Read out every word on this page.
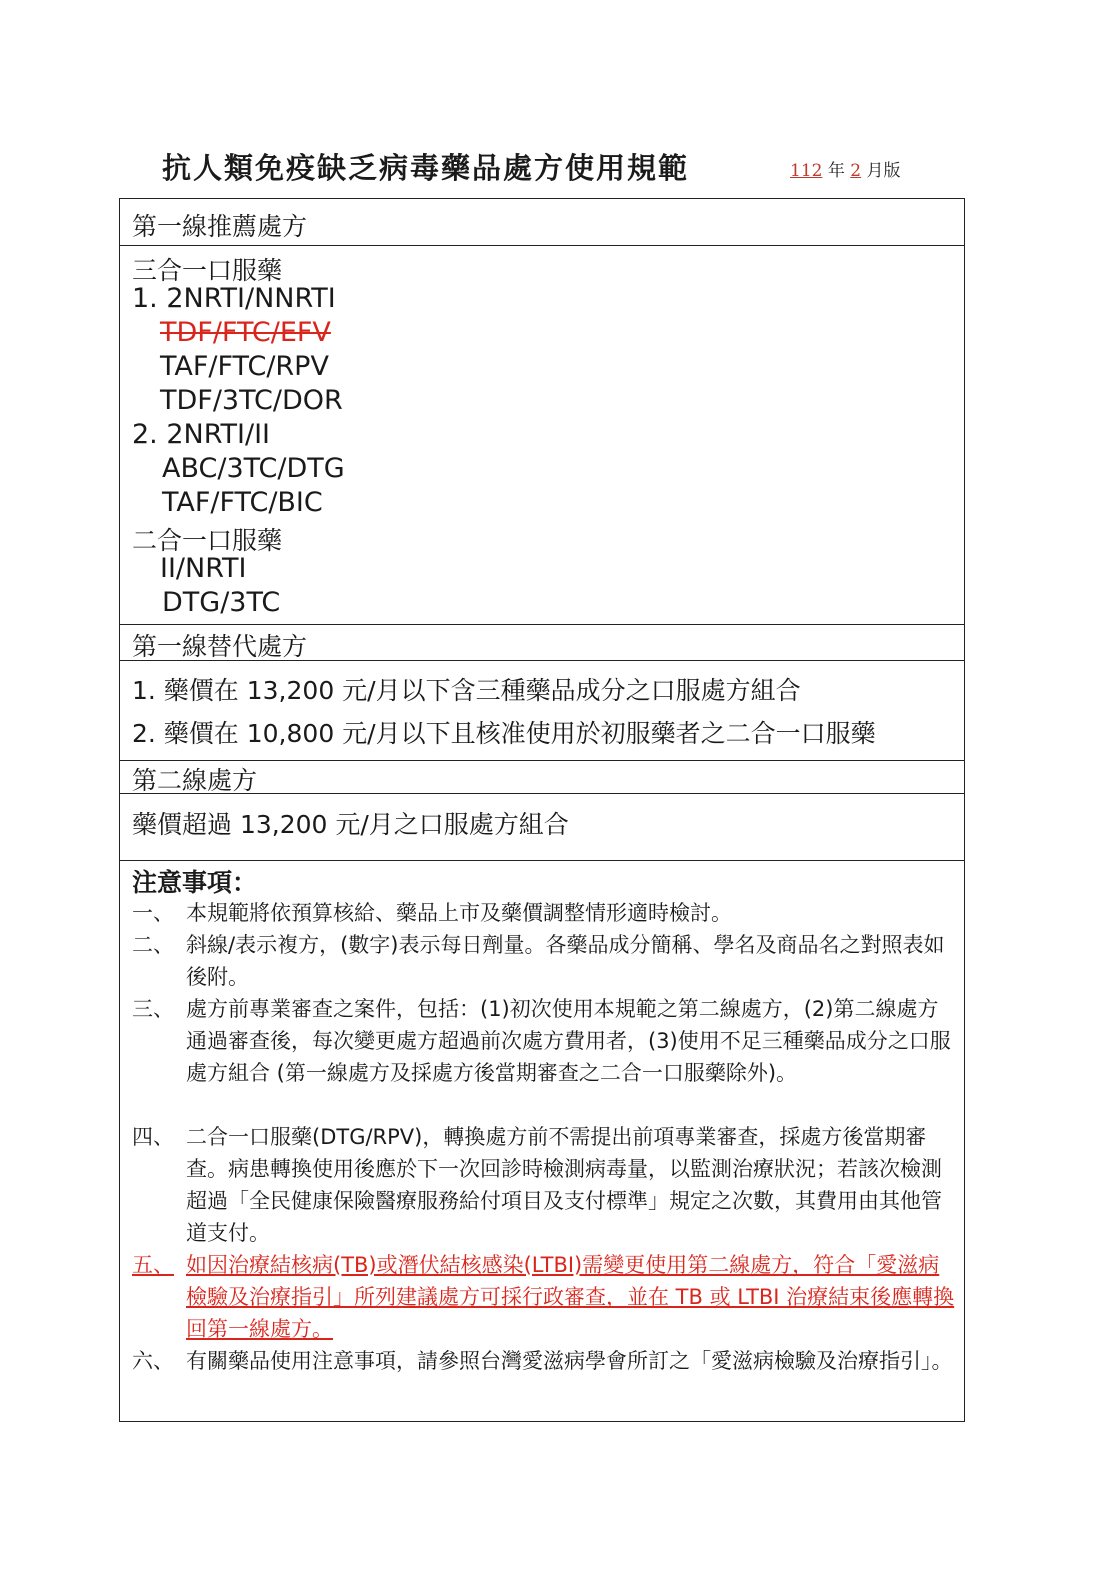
抗人類免疫缺乏病毒藥品處方使用規範	112 年 2 月版
第一線推薦處方
三合一口服藥
1. 2NRTI/NNRTI
TDF/FTC/EFV
TAF/FTC/RPV
TDF/3TC/DOR
2. 2NRTI/II
ABC/3TC/DTG
TAF/FTC/BIC
二合一口服藥
II/NRTI
DTG/3TC
第一線替代處方
1. 藥價在 13,200 元/月以下含三種藥品成分之口服處方組合
2. 藥價在 10,800 元/月以下且核准使用於初服藥者之二合一口服藥
第二線處方
藥價超過 13,200 元/月之口服處方組合
注意事項：
一、 本規範將依預算核給、藥品上市及藥價調整情形適時檢討。
二、 斜線/表示複方，(數字)表示每日劑量。各藥品成分簡稱、學名及商品名之對照表如後附。
三、 處方前專業審查之案件，包括：(1)初次使用本規範之第二線處方，(2)第二線處方通過審查後，每次變更處方超過前次處方費用者，(3)使用不足三種藥品成分之口服處方組合 (第一線處方及採處方後當期審查之二合一口服藥除外)。
四、 二合一口服藥(DTG/RPV)，轉換處方前不需提出前項專業審查，採處方後當期審查。病患轉換使用後應於下一次回診時檢測病毒量，以監測治療狀況；若該次檢測超過「全民健康保險醫療服務給付項目及支付標準」規定之次數，其費用由其他管道支付。
五、 如因治療結核病(TB)或潛伏結核感染(LTBI)需變更使用第二線處方，符合「愛滋病檢驗及治療指引」所列建議處方可採行政審查，並在 TB 或 LTBI 治療結束後應轉換回第一線處方。
六、 有關藥品使用注意事項，請參照台灣愛滋病學會所訂之「愛滋病檢驗及治療指引」。
